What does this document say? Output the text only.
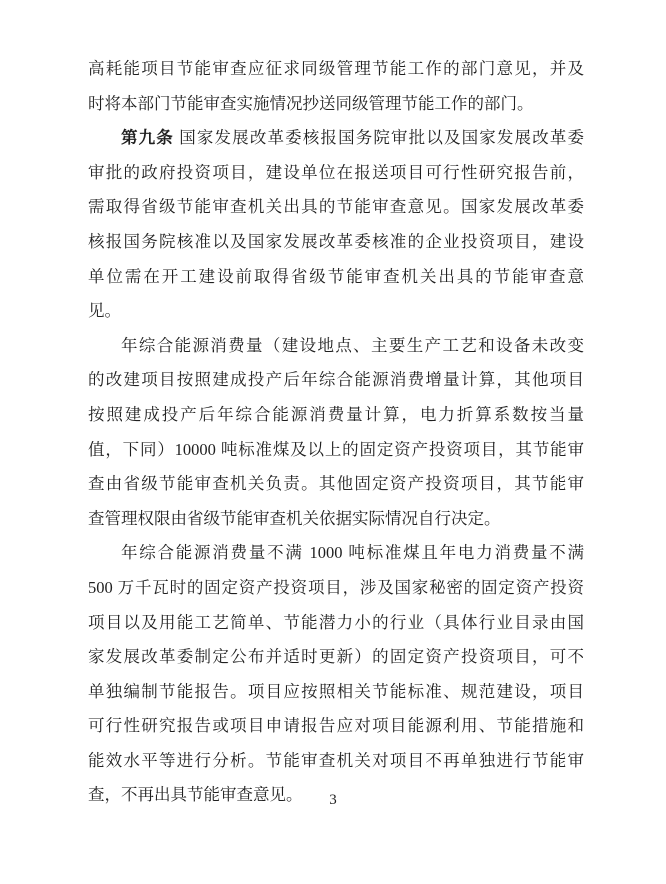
高耗能项目节能审查应征求同级管理节能工作的部门意见，并及
时将本部门节能审查实施情况抄送同级管理节能工作的部门。
第九条 国家发展改革委核报国务院审批以及国家发展改革委
审批的政府投资项目，建设单位在报送项目可行性研究报告前，
需取得省级节能审查机关出具的节能审查意见。国家发展改革委
核报国务院核准以及国家发展改革委核准的企业投资项目，建设
单位需在开工建设前取得省级节能审查机关出具的节能审查意
见。
年综合能源消费量（建设地点、主要生产工艺和设备未改变
的改建项目按照建成投产后年综合能源消费增量计算，其他项目
按照建成投产后年综合能源消费量计算，电力折算系数按当量
值，下同）10000 吨标准煤及以上的固定资产投资项目，其节能审
查由省级节能审查机关负责。其他固定资产投资项目，其节能审
查管理权限由省级节能审查机关依据实际情况自行决定。
年综合能源消费量不满 1000 吨标准煤且年电力消费量不满
500 万千瓦时的固定资产投资项目，涉及国家秘密的固定资产投资
项目以及用能工艺简单、节能潜力小的行业（具体行业目录由国
家发展改革委制定公布并适时更新）的固定资产投资项目，可不
单独编制节能报告。项目应按照相关节能标准、规范建设，项目
可行性研究报告或项目申请报告应对项目能源利用、节能措施和
能效水平等进行分析。节能审查机关对项目不再单独进行节能审
查，不再出具节能审查意见。	3
